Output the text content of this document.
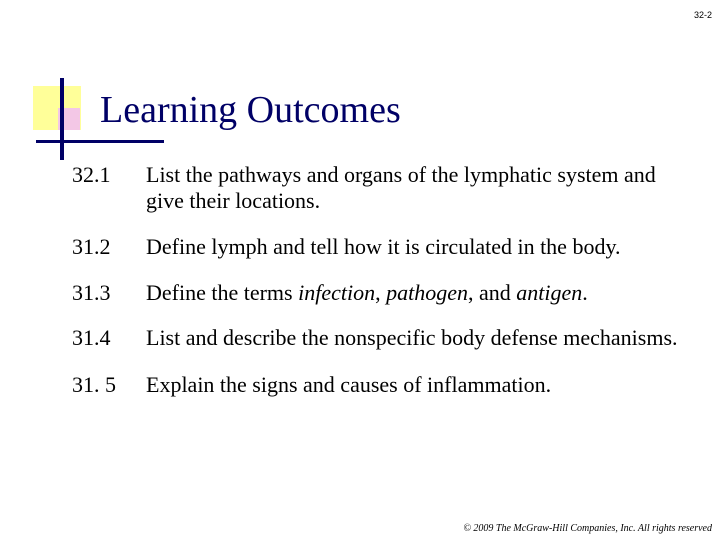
32-2
Learning Outcomes
32.1	List the pathways and organs of the lymphatic system and give their locations.
31.2	Define lymph and tell how it is circulated in the body.
31.3	Define the terms infection, pathogen, and antigen.
31.4	List and describe the nonspecific body defense mechanisms.
31. 5	Explain the signs and causes of inflammation.
© 2009 The McGraw-Hill Companies, Inc. All rights reserved
